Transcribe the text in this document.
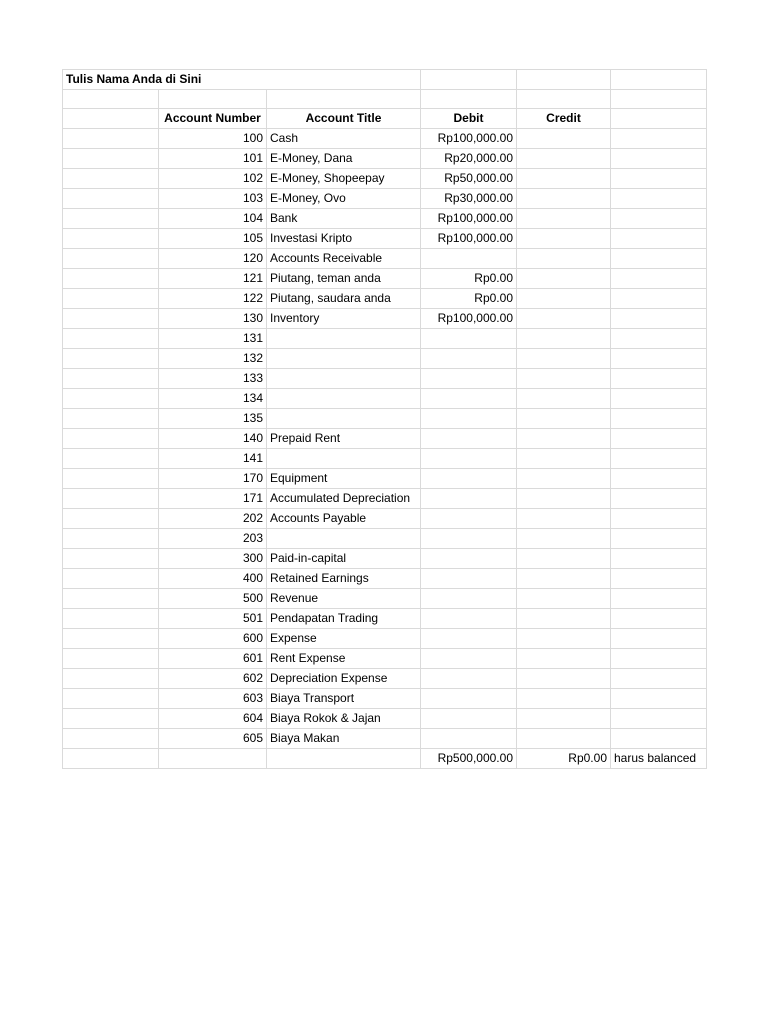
Tulis Nama Anda di Sini					

	Account Number	Account Title	Debit	Credit	
	100	Cash	Rp100,000.00		
	101	E-Money, Dana	Rp20,000.00		
	102	E-Money, Shopeepay	Rp50,000.00		
	103	E-Money, Ovo	Rp30,000.00		
	104	Bank	Rp100,000.00		
	105	Investasi Kripto	Rp100,000.00		
	120	Accounts Receivable			
	121	Piutang, teman anda	Rp0.00		
	122	Piutang, saudara anda	Rp0.00		
	130	Inventory	Rp100,000.00		
	131				
	132				
	133				
	134				
	135				
	140	Prepaid Rent			
	141				
	170	Equipment			
	171	Accumulated Depreciation			
	202	Accounts Payable			
	203				
	300	Paid-in-capital			
	400	Retained Earnings			
	500	Revenue			
	501	Pendapatan Trading			
	600	Expense			
	601	Rent Expense			
	602	Depreciation Expense			
	603	Biaya Transport			
	604	Biaya Rokok & Jajan			
	605	Biaya Makan			
			Rp500,000.00	Rp0.00	harus balanced
